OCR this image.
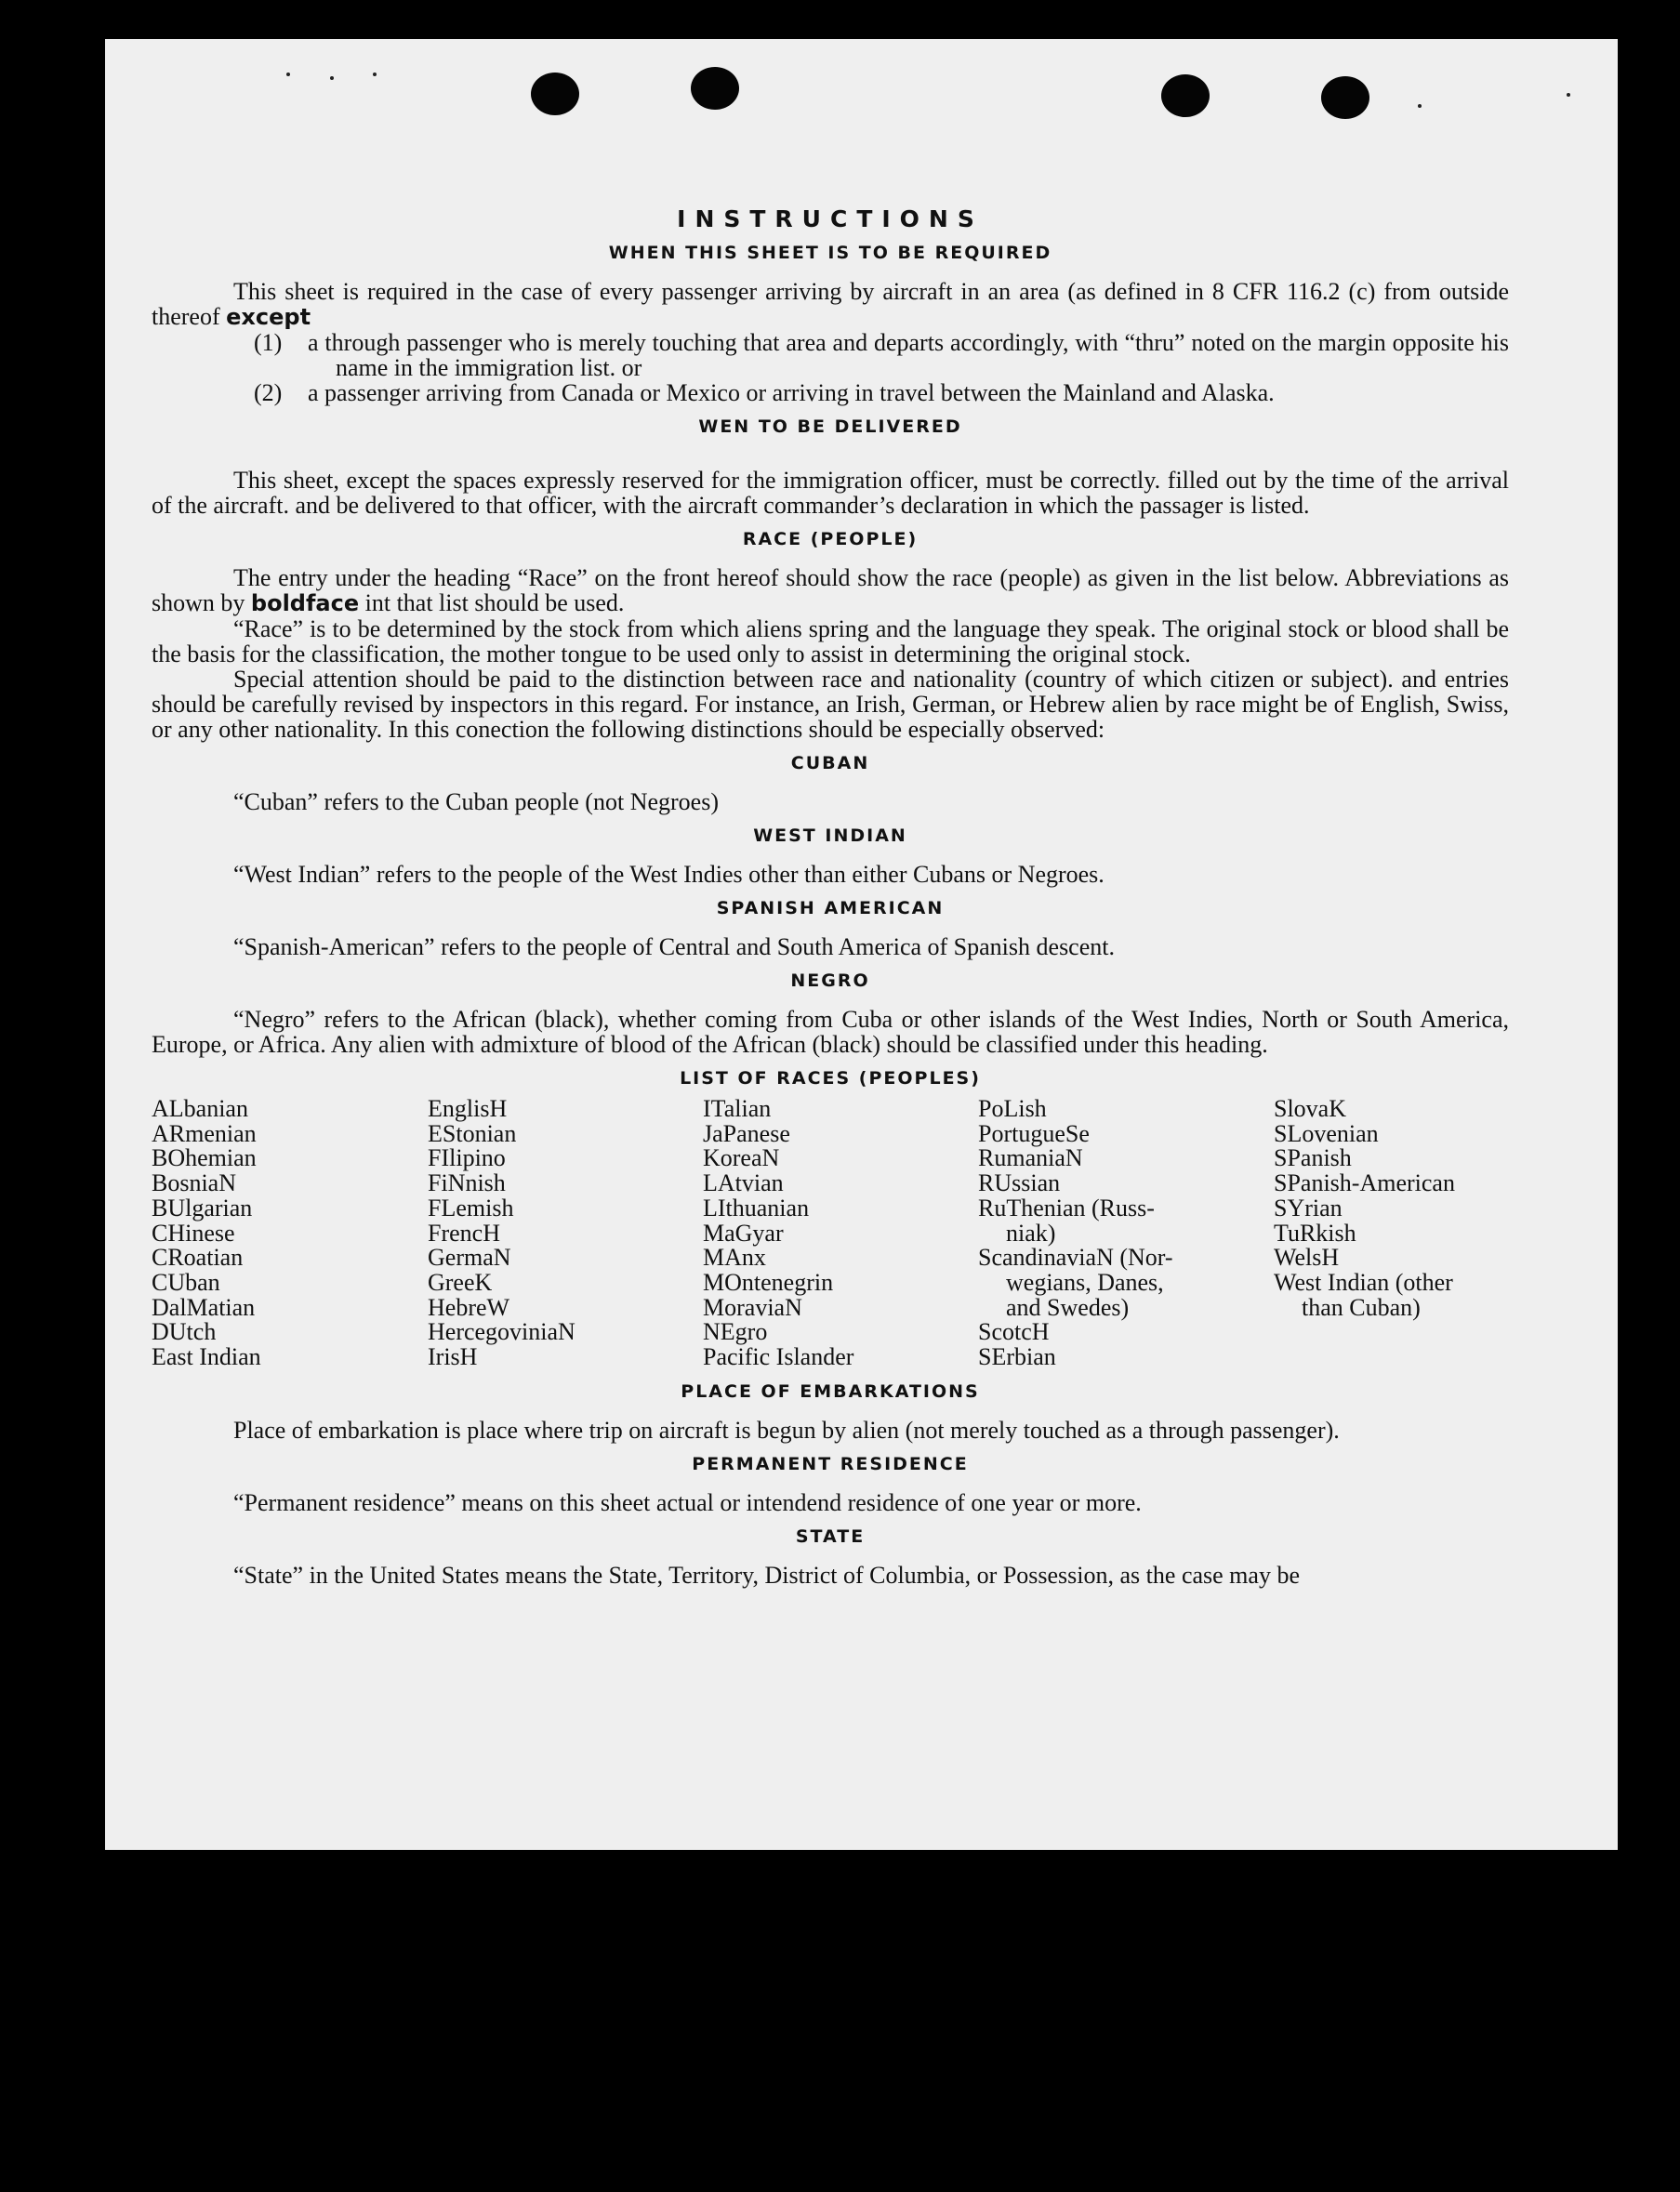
INSTRUCTIONS
WHEN THIS SHEET IS TO BE REQUIRED

This sheet is required in the case of every passenger arriving by aircraft in an area (as defined in 8 CFR 116.2 (c) from outside thereof except

(1) a through passenger who is merely touching that area and departs accordingly, with “thru” noted on the margin opposite his name in the immigration list. or

(2) a passenger arriving from Canada or Mexico or arriving in travel between the Mainland and Alaska.

WEN TO BE DELIVERED

This sheet, except the spaces expressly reserved for the immigration officer, must be correctly. filled out by the time of the arrival of the aircraft. and be delivered to that officer, with the aircraft commander’s declaration in which the passager is listed.

RACE (PEOPLE)

The entry under the heading “Race” on the front hereof should show the race (people) as given in the list below. Abbreviations as shown by boldface int that list should be used.

“Race” is to be determined by the stock from which aliens spring and the language they speak. The original stock or blood shall be the basis for the classification, the mother tongue to be used only to assist in determining the original stock.

Special attention should be paid to the distinction between race and nationality (country of which citizen or subject). and entries should be carefully revised by inspectors in this regard. For instance, an Irish, German, or Hebrew alien by race might be of English, Swiss, or any other nationality. In this conection the following distinctions should be especially observed:

CUBAN

“Cuban” refers to the Cuban people (not Negroes)

WEST INDIAN

“West Indian” refers to the people of the West Indies other than either Cubans or Negroes.

SPANISH AMERICAN

“Spanish-American” refers to the people of Central and South America of Spanish descent.

NEGRO

“Negro” refers to the African (black), whether coming from Cuba or other islands of the West Indies, North or South America, Europe, or Africa. Any alien with admixture of blood of the African (black) should be classified under this heading.

LIST OF RACES (PEOPLES)
ALbanian
ARmenian
BOhemian
BosniaN
BUlgarian
CHinese
CRoatian
CUban
DalMatian
DUtch
East Indian
EnglisH
EStonian
FIlipino
FiNnish
FLemish
FrencH
GermaN
GreeK
HebreW
HercegoviniaN
IrisH
ITalian
JaPanese
KoreaN
LAtvian
LIthuanian
MaGyar
MAnx
MOntenegrin
MoraviaN
NEgro
Pacific Islander
PoLish
PortugueSe
RumaniaN
RUssian
RuThenian (Russ-
niak)
ScandinaviaN (Nor-
wegians, Danes,
and Swedes)
ScotcH
SErbian
SlovaK
SLovenian
SPanish
SPanish-American
SYrian
TuRkish
WelsH
West Indian (other
than Cuban)
PLACE OF EMBARKATIONS

Place of embarkation is place where trip on aircraft is begun by alien (not merely touched as a through passenger).

PERMANENT RESIDENCE

“Permanent residence” means on this sheet actual or intendend residence of one year or more.

STATE

“State” in the United States means the State, Territory, District of Columbia, or Possession, as the case may be
